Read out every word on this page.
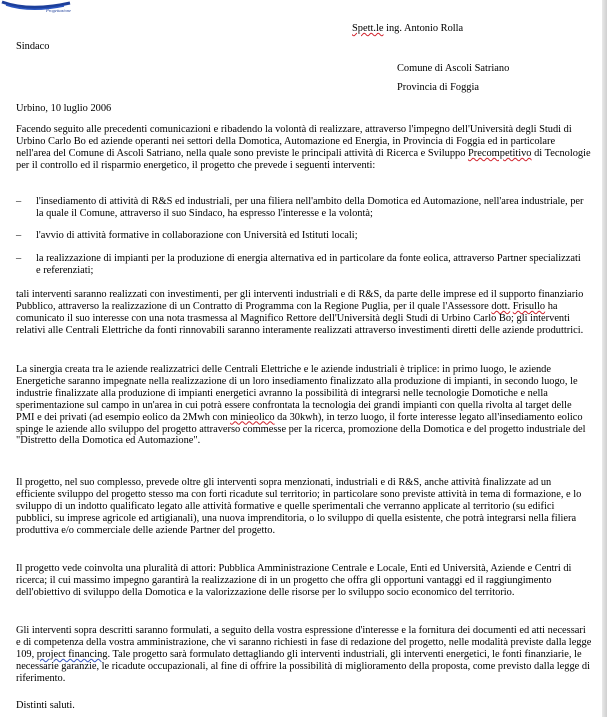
Progettazione
Spett.le ing. Antonio Rolla
Sindaco
Comune di Ascoli Satriano
Provincia di Foggia
Urbino, 10 luglio 2006

Facendo seguito alle precedenti comunicazioni e ribadendo la volontà di realizzare, attraverso l'impegno dell'Università degli Studi di Urbino Carlo Bo ed aziende operanti nei settori della Domotica, Automazione ed Energia, in Provincia di Foggia ed in particolare nell'area del Comune di Ascoli Satriano, nella quale sono previste le principali attività di Ricerca e Sviluppo Precompetitivo di Tecnologie per il controllo ed il risparmio energetico, il progetto che prevede i seguenti interventi:

– l'insediamento di attività di R&S ed industriali, per una filiera nell'ambito della Domotica ed Automazione, nell'area industriale, per la quale il Comune, attraverso il suo Sindaco, ha espresso l'interesse e la volontà;
– l'avvio di attività formative in collaborazione con Università ed Istituti locali;
– la realizzazione di impianti per la produzione di energia alternativa ed in particolare da fonte eolica, attraverso Partner specializzati e referenziati;

tali interventi saranno realizzati con investimenti, per gli interventi industriali e di R&S, da parte delle imprese ed il supporto finanziario Pubblico, attraverso la realizzazione di un Contratto di Programma con la Regione Puglia, per il quale l'Assessore dott. Frisullo ha comunicato il suo interesse con una nota trasmessa al Magnifico Rettore dell'Università degli Studi di Urbino Carlo Bo; gli interventi relativi alle Centrali Elettriche da fonti rinnovabili saranno interamente realizzati attraverso investimenti diretti delle aziende produttrici.

La sinergia creata tra le aziende realizzatrici delle Centrali Elettriche e le aziende industriali è triplice: in primo luogo, le aziende Energetiche saranno impegnate nella realizzazione di un loro insediamento finalizzato alla produzione di impianti, in secondo luogo, le industrie finalizzate alla produzione di impianti energetici avranno la possibilità di integrarsi nelle tecnologie Domotiche e nella sperimentazione sul campo in un'area in cui potrà essere confrontata la tecnologia dei grandi impianti con quella rivolta al target delle PMI e dei privati (ad esempio eolico da 2Mwh con minieolico da 30kwh), in terzo luogo, il forte interesse legato all'insediamento eolico spinge le aziende allo sviluppo del progetto attraverso commesse per la ricerca, promozione della Domotica e del progetto industriale del "Distretto della Domotica ed Automazione".

Il progetto, nel suo complesso, prevede oltre gli interventi sopra menzionati, industriali e di R&S, anche attività finalizzate ad un efficiente sviluppo del progetto stesso ma con forti ricadute sul territorio; in particolare sono previste attività in tema di formazione, e lo sviluppo di un indotto qualificato legato alle attività formative e quelle sperimentali che verranno applicate al territorio (su edifici pubblici, su imprese agricole ed artigianali), una nuova imprenditoria, o lo sviluppo di quella esistente, che potrà integrarsi nella filiera produttiva e/o commerciale delle aziende Partner del progetto.
Il progetto vede coinvolta una pluralità di attori: Pubblica Amministrazione Centrale e Locale, Enti ed Università, Aziende e Centri di ricerca; il cui massimo impegno garantirà la realizzazione di in un progetto che offra gli opportuni vantaggi ed il raggiungimento dell'obiettivo di sviluppo della Domotica e la valorizzazione delle risorse per lo sviluppo socio economico del territorio.

Gli interventi sopra descritti saranno formulati, a seguito della vostra espressione d'interesse e la fornitura dei documenti ed atti necessari e di competenza della vostra amministrazione, che vi saranno richiesti in fase di redazione del progetto, nelle modalità previste dalla legge 109, project financing. Tale progetto sarà formulato dettagliando gli interventi industriali, gli interventi energetici, le fonti finanziarie, le necessarie garanzie, le ricadute occupazionali, al fine di offrire la possibilità di miglioramento della proposta, come previsto dalla legge di riferimento.

Distinti saluti.
